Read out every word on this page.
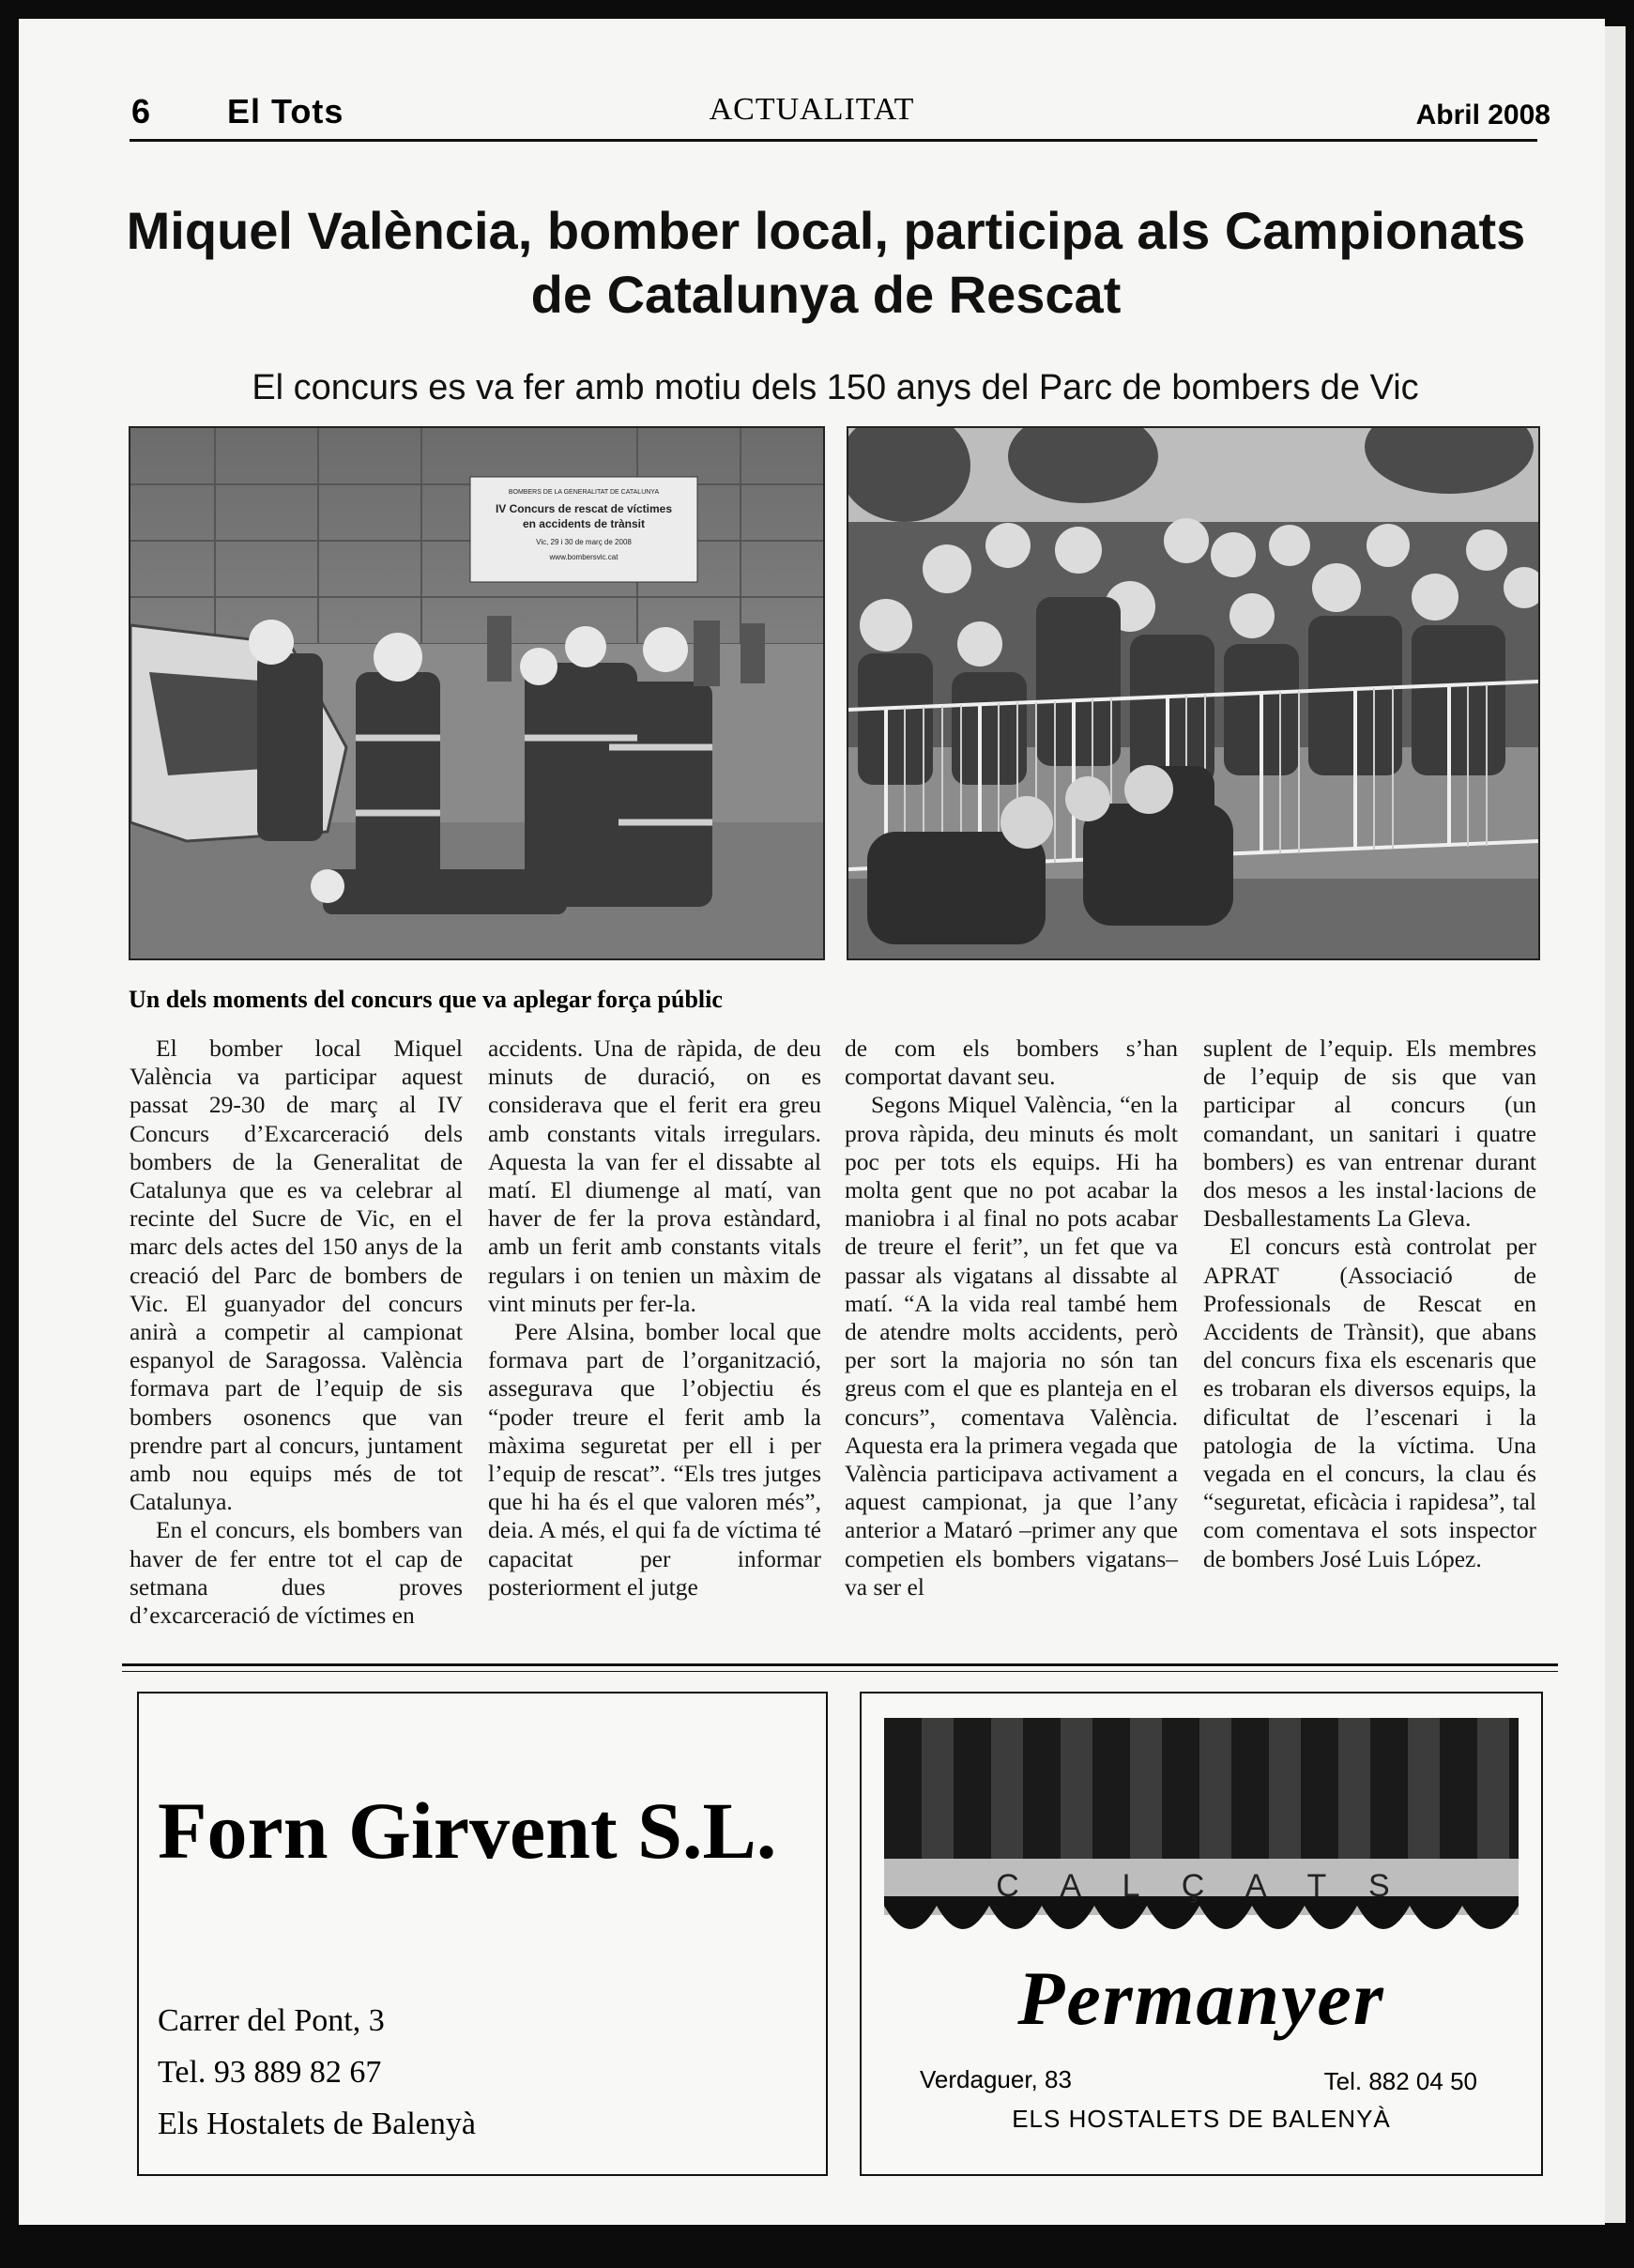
6 El Tots	ACTUALITAT	Abril 2008
Miquel València, bomber local, participa als Campionats de Catalunya de Rescat
El concurs es va fer amb motiu dels 150 anys del Parc de bombers de Vic
BOMBERS DE LA GENERALITAT DE CATALUNYA
IV Concurs de rescat de víctimes
en accidents de trànsit
Vic, 29 i 30 de març de 2008
www.bombersvic.cat
Un dels moments del concurs que va aplegar força públic

El bomber local Miquel València va participar aquest passat 29-30 de març al IV Concurs d’Excarceració dels bombers de la Generalitat de Catalunya que es va celebrar al recinte del Sucre de Vic, en el marc dels actes del 150 anys de la creació del Parc de bombers de Vic. El guanyador del concurs anirà a competir al campionat espanyol de Saragossa. València formava part de l’equip de sis bombers osonencs que van prendre part al concurs, juntament amb nou equips més de tot Catalunya.

En el concurs, els bombers van haver de fer entre tot el cap de setmana dues proves d’excarceració de víctimes en

accidents. Una de ràpida, de deu minuts de duració, on es considerava que el ferit era greu amb constants vitals irregulars. Aquesta la van fer el dissabte al matí. El diumenge al matí, van haver de fer la prova estàndard, amb un ferit amb constants vitals regulars i on tenien un màxim de vint minuts per fer-la.

Pere Alsina, bomber local que formava part de l’organització, assegurava que l’objectiu és “poder treure el ferit amb la màxima seguretat per ell i per l’equip de rescat”. “Els tres jutges que hi ha és el que valoren més”, deia. A més, el qui fa de víctima té capacitat per informar posteriorment el jutge

de com els bombers s’han comportat davant seu.

Segons Miquel València, “en la prova ràpida, deu minuts és molt poc per tots els equips. Hi ha molta gent que no pot acabar la maniobra i al final no pots acabar de treure el ferit”, un fet que va passar als vigatans al dissabte al matí. “A la vida real també hem de atendre molts accidents, però per sort la majoria no són tan greus com el que es planteja en el concurs”, comentava València. Aquesta era la primera vegada que València participava activament a aquest campionat, ja que l’any anterior a Mataró –primer any que competien els bombers vigatans– va ser el

suplent de l’equip. Els membres de l’equip de sis que van participar al concurs (un comandant, un sanitari i quatre bombers) es van entrenar durant dos mesos a les instal·lacions de Desballestaments La Gleva.

El concurs està controlat per APRAT (Associació de Professionals de Rescat en Accidents de Trànsit), que abans del concurs fixa els escenaris que es trobaran els diversos equips, la dificultat de l’escenari i la patologia de la víctima. Una vegada en el concurs, la clau és “seguretat, eficàcia i rapidesa”, tal com comentava el sots inspector de bombers José Luis López.

Forn Girvent S.L.
Carrer del Pont, 3
Tel. 93 889 82 67
Els Hostalets de Balenyà
C A L Ç A T S
Permanyer
Verdaguer, 83	Tel. 882 04 50
ELS HOSTALETS DE BALENYÀ
